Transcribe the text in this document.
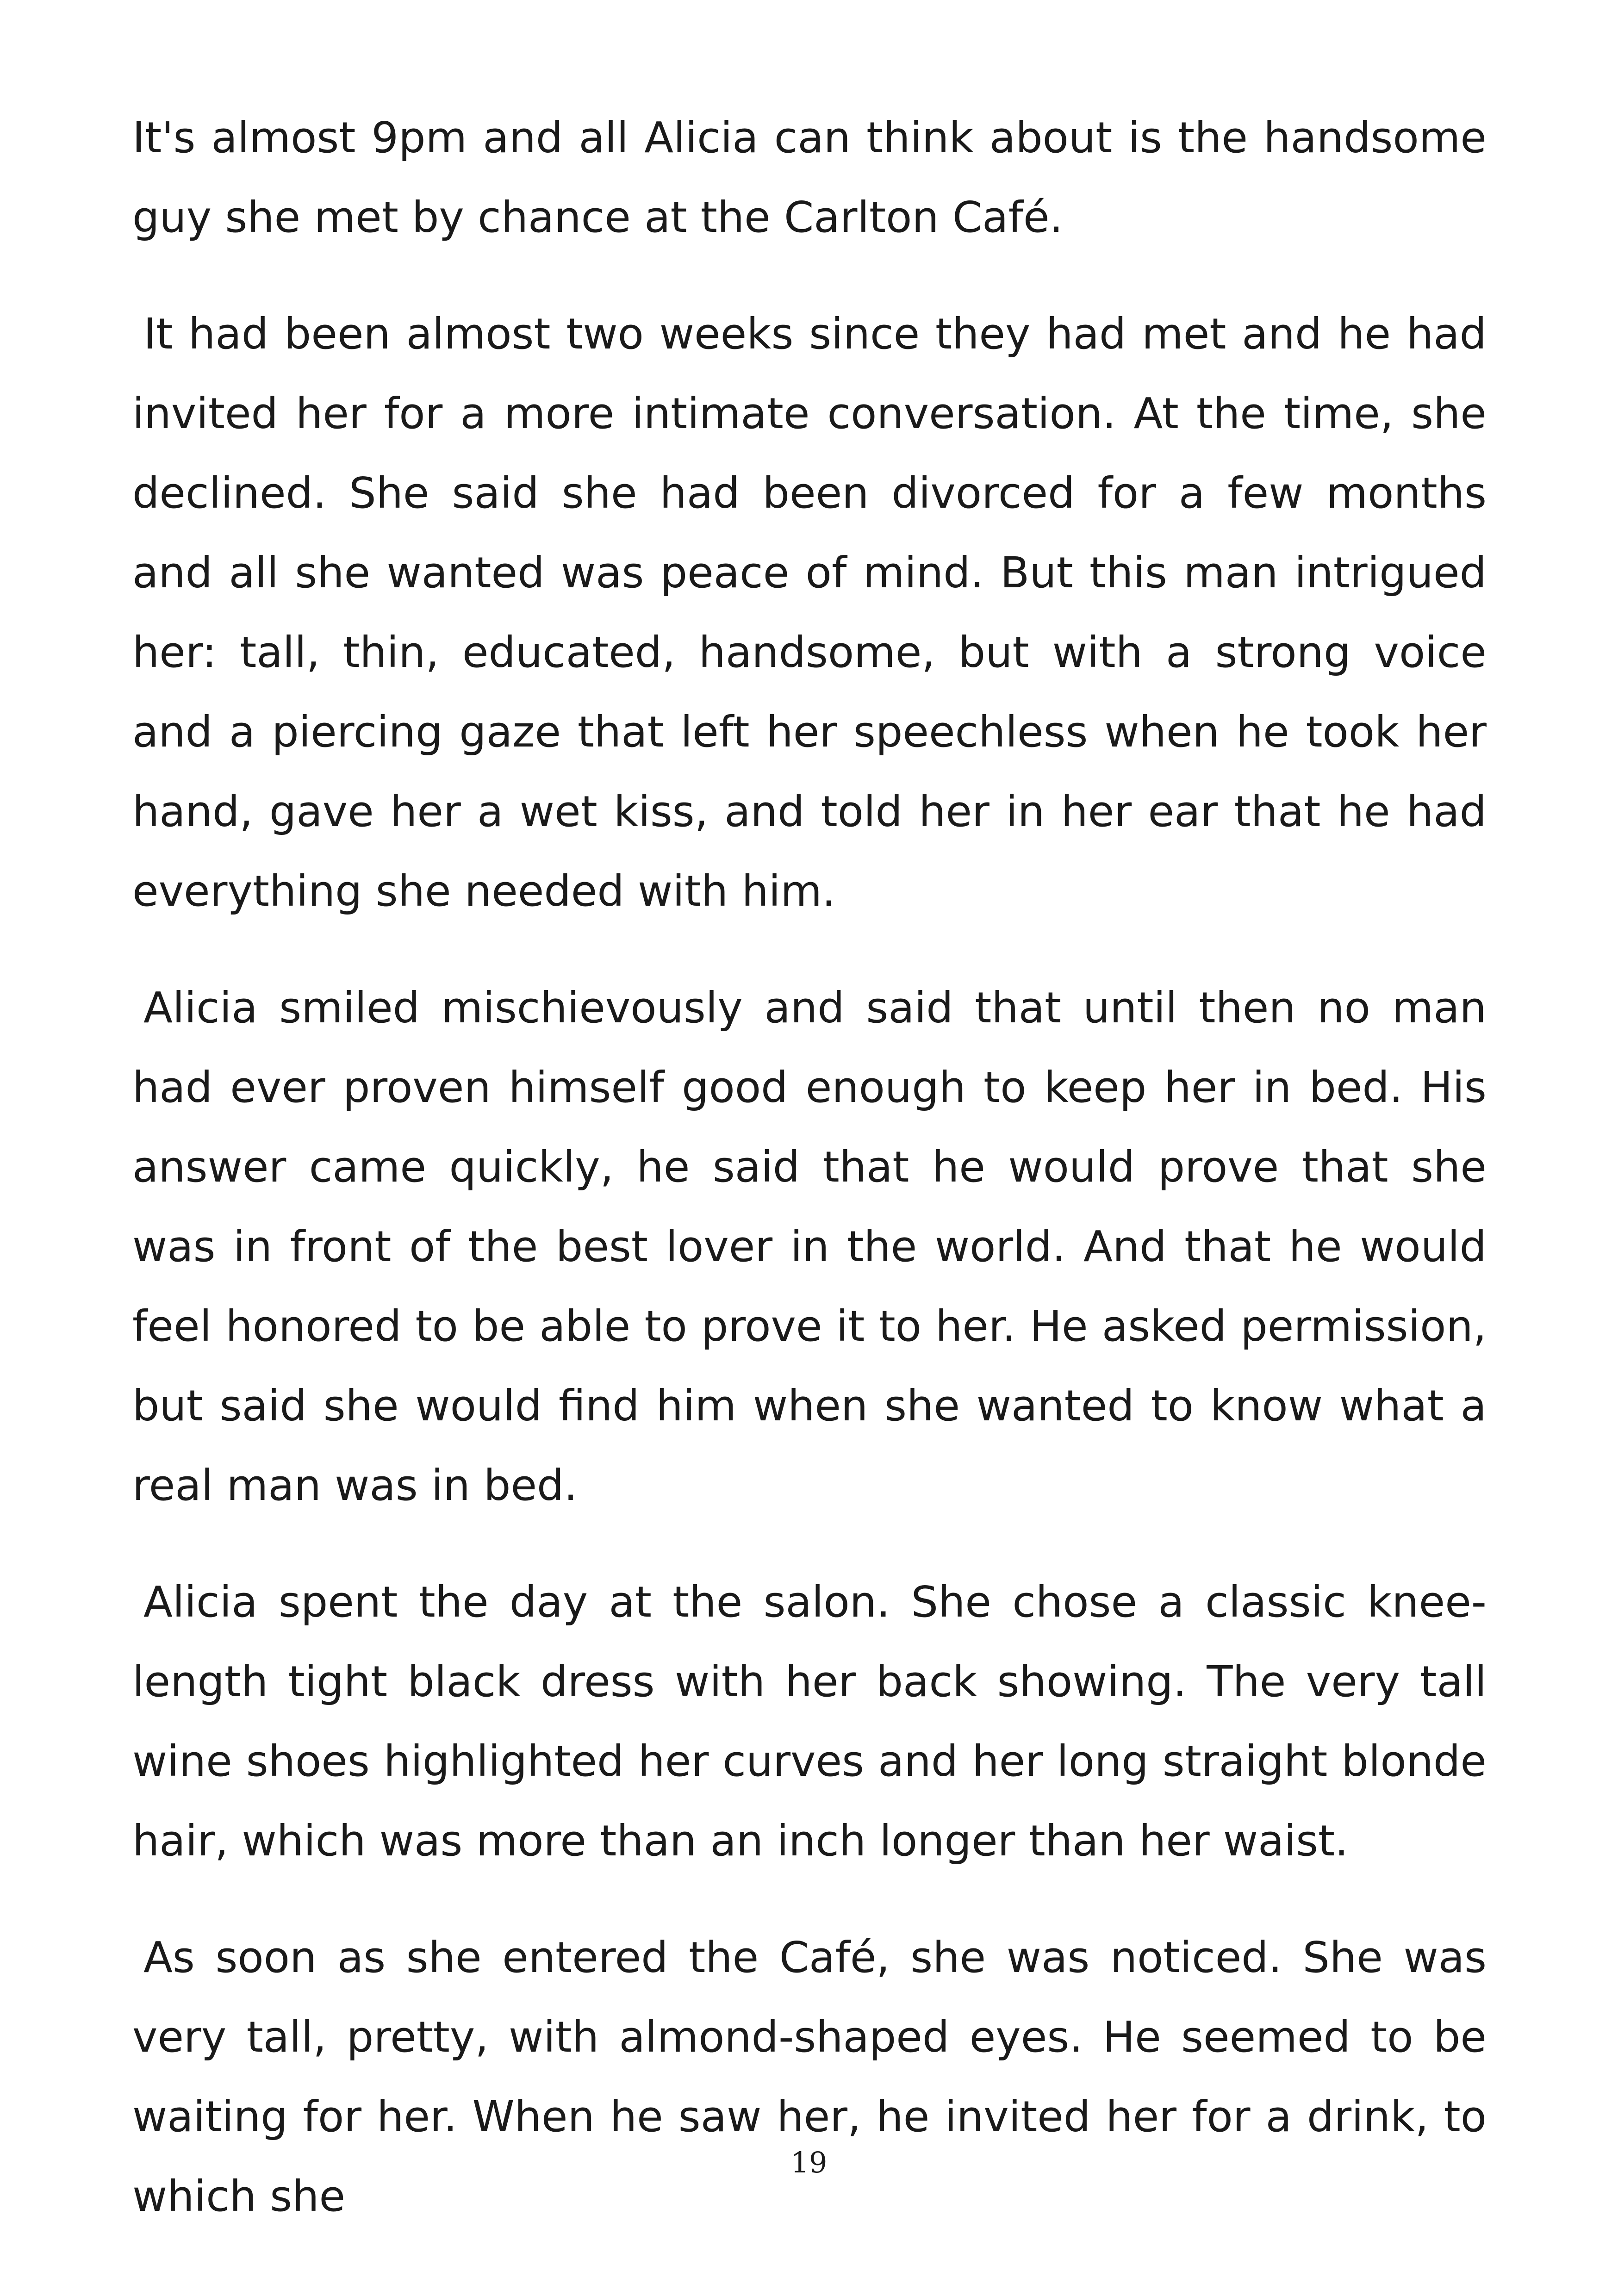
It's almost 9pm and all Alicia can think about is the handsome guy she met by chance at the Carlton Café.

It had been almost two weeks since they had met and he had invited her for a more intimate conversation. At the time, she declined. She said she had been divorced for a few months and all she wanted was peace of mind. But this man intrigued her: tall, thin, educated, handsome, but with a strong voice and a piercing gaze that left her speechless when he took her hand, gave her a wet kiss, and told her in her ear that he had everything she needed with him.

Alicia smiled mischievously and said that until then no man had ever proven himself good enough to keep her in bed. His answer came quickly, he said that he would prove that she was in front of the best lover in the world. And that he would feel honored to be able to prove it to her. He asked permission, but said she would find him when she wanted to know what a real man was in bed.

Alicia spent the day at the salon. She chose a classic knee-length tight black dress with her back showing. The very tall wine shoes highlighted her curves and her long straight blonde hair, which was more than an inch longer than her waist.

As soon as she entered the Café, she was noticed. She was very tall, pretty, with almond-shaped eyes. He seemed to be waiting for her. When he saw her, he invited her for a drink, to which she

19
